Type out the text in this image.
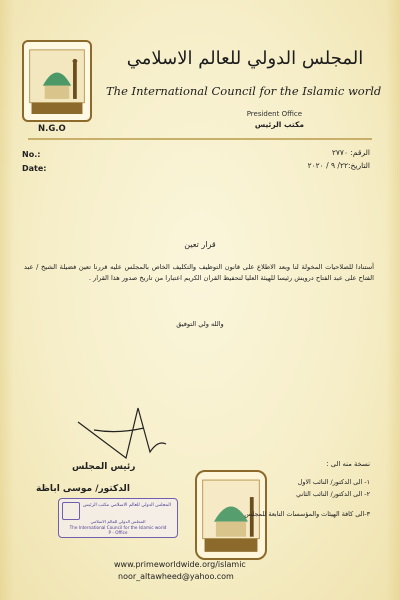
N.G.O
المجلس الدولي للعالم الاسلامي
The International Council for the Islamic world
President Office
مكتب الرئيس
No.:
Date:
الرقم: ٢٧٧٠
التاريخ:٢٢/ ٩ / ٢٠٢٠
قرار تعين
أستنادا للصلاحيات المخولة لنا وبعد الاطلاع على قانون التوظيف والتكليف الخاص بالمجلس عليه قررنا تعين فضيلة الشيخ / عبد الفتاح على عبد الفتاح درويش رئيسا للهيئة العليا لتحفيظ القران الكريم اعتبارا من تاريخ صدور هذا القرار .
والله ولي التوفيق
رئيس المجلس
الدكتور/ موسى اباظة
المجلس الدولي للعالم الاسلامي مكتب الرئيس
المجلس الدولي للعالم الاسلامي
The International Council for the Islamic world
P - Office
نسخة منه الى :
١- الى الدكتور/ النائب الاول
٢- الى الدكتور/ النائب الثاني
٣-الى كافة الهيئات والمؤسسات التابعة للمجلس
www.primeworldwide.org/islamic
noor_altawheed@yahoo.com
